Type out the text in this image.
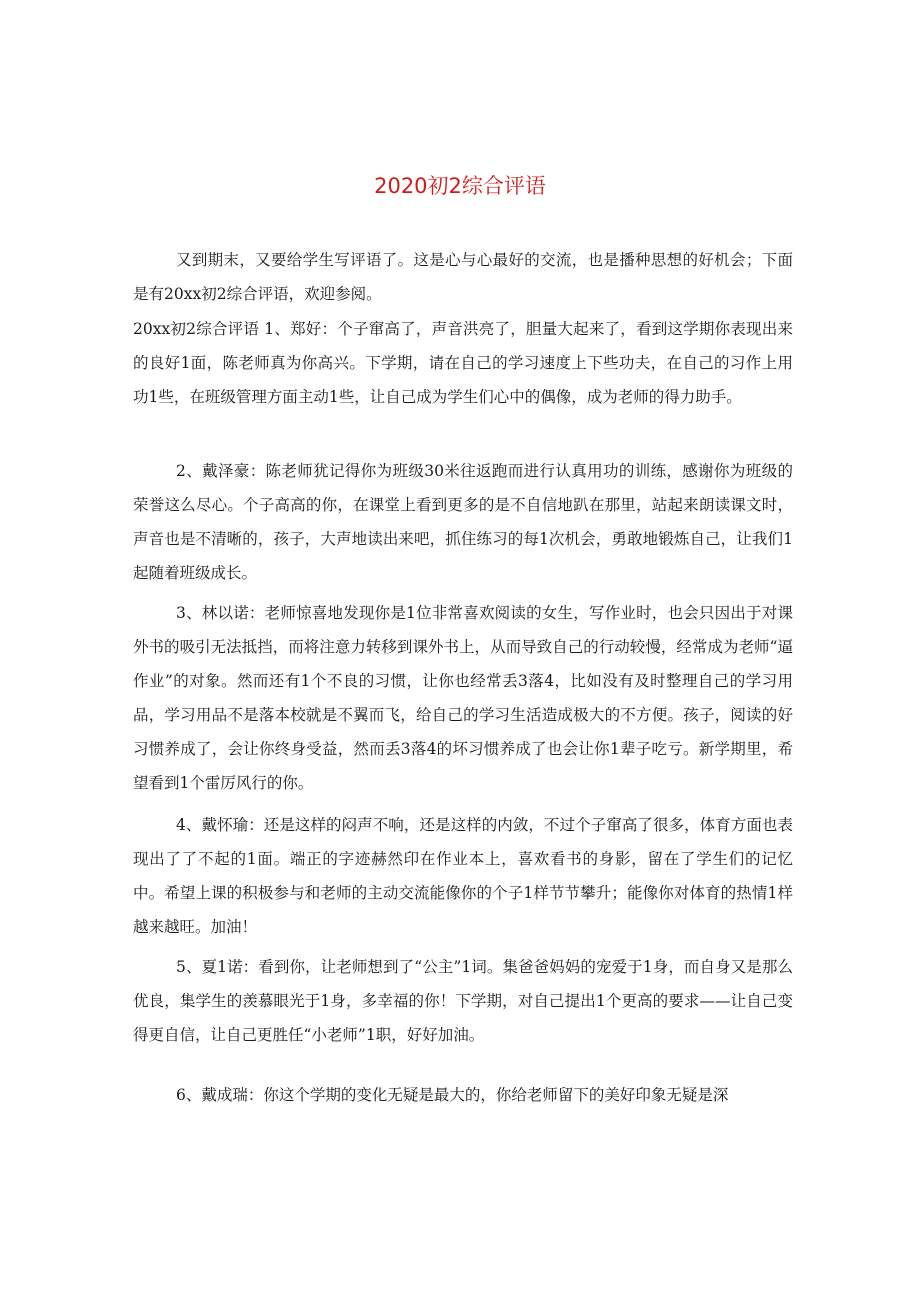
2020初2综合评语

又到期末，又要给学生写评语了。这是心与心最好的交流，也是播种思想的好机会；下面是有20xx初2综合评语，欢迎参阅。

20xx初2综合评语 1、郑好：个子窜高了，声音洪亮了，胆量大起来了，看到这学期你表现出来的良好1面，陈老师真为你高兴。下学期，请在自己的学习速度上下些功夫，在自己的习作上用功1些，在班级管理方面主动1些，让自己成为学生们心中的偶像，成为老师的得力助手。

2、戴泽豪：陈老师犹记得你为班级30米往返跑而进行认真用功的训练，感谢你为班级的荣誉这么尽心。个子高高的你，在课堂上看到更多的是不自信地趴在那里，站起来朗读课文时，声音也是不清晰的，孩子，大声地读出来吧，抓住练习的每1次机会，勇敢地锻炼自己，让我们1起随着班级成长。

3、林以诺：老师惊喜地发现你是1位非常喜欢阅读的女生，写作业时，也会只因出于对课外书的吸引无法抵挡，而将注意力转移到课外书上，从而导致自己的行动较慢，经常成为老师“逼作业”的对象。然而还有1个不良的习惯，让你也经常丢3落4，比如没有及时整理自己的学习用品，学习用品不是落本校就是不翼而飞，给自己的学习生活造成极大的不方便。孩子，阅读的好习惯养成了，会让你终身受益，然而丢3落4的坏习惯养成了也会让你1辈子吃亏。新学期里，希望看到1个雷厉风行的你。

4、戴怀瑜：还是这样的闷声不响，还是这样的内敛，不过个子窜高了很多，体育方面也表现出了了不起的1面。端正的字迹赫然印在作业本上，喜欢看书的身影，留在了学生们的记忆中。希望上课的积极参与和老师的主动交流能像你的个子1样节节攀升；能像你对体育的热情1样越来越旺。加油！

5、夏1诺：看到你，让老师想到了“公主”1词。集爸爸妈妈的宠爱于1身，而自身又是那么优良，集学生的羡慕眼光于1身，多幸福的你！下学期，对自己提出1个更高的要求——让自己变得更自信，让自己更胜任“小老师”1职，好好加油。

6、戴成瑞：你这个学期的变化无疑是最大的，你给老师留下的美好印象无疑是深
